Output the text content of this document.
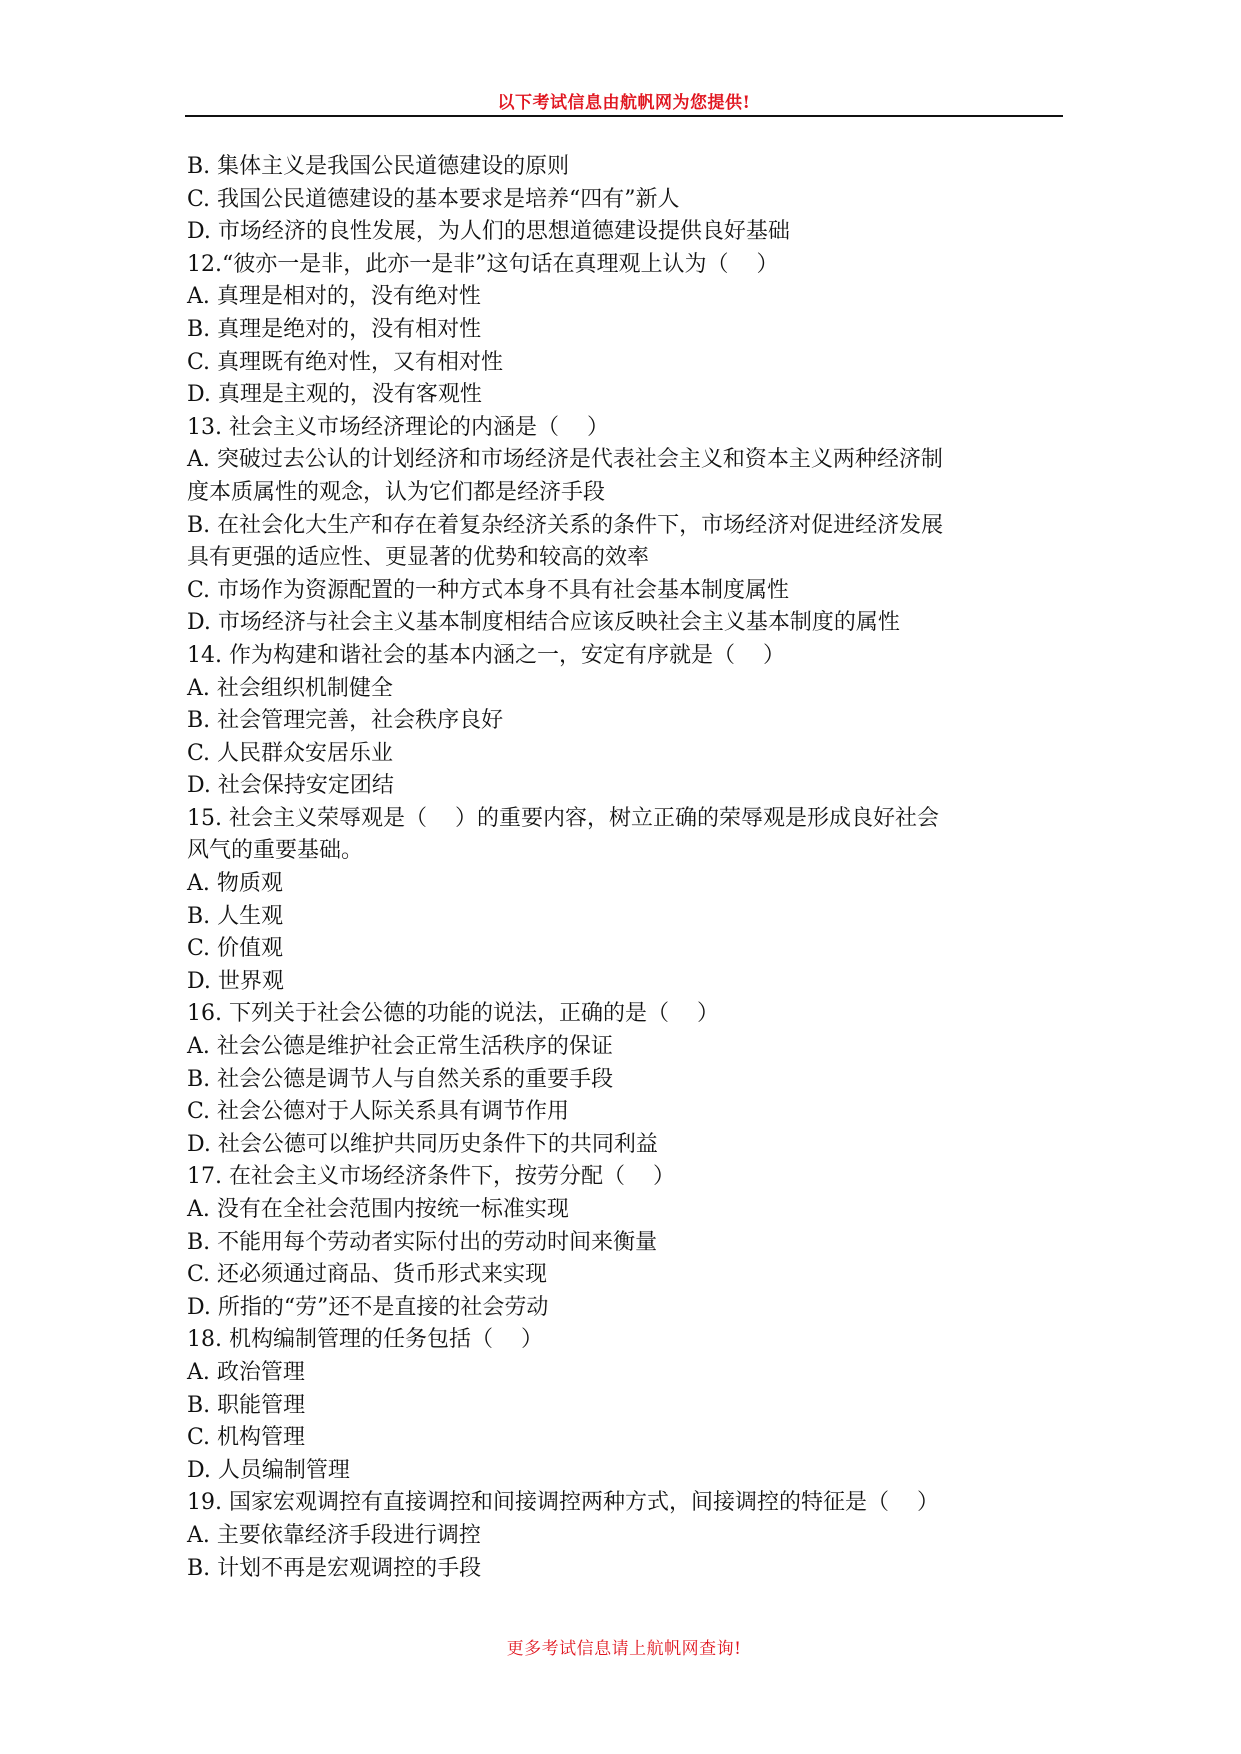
以下考试信息由航帆网为您提供!
B. 集体主义是我国公民道德建设的原则
C. 我国公民道德建设的基本要求是培养“四有”新人
D. 市场经济的良性发展，为人们的思想道德建设提供良好基础
12.“彼亦一是非，此亦一是非”这句话在真理观上认为（    ）
A. 真理是相对的，没有绝对性
B. 真理是绝对的，没有相对性
C. 真理既有绝对性，又有相对性
D. 真理是主观的，没有客观性
13. 社会主义市场经济理论的内涵是（    ）
A. 突破过去公认的计划经济和市场经济是代表社会主义和资本主义两种经济制
度本质属性的观念，认为它们都是经济手段
B. 在社会化大生产和存在着复杂经济关系的条件下，市场经济对促进经济发展
具有更强的适应性、更显著的优势和较高的效率
C. 市场作为资源配置的一种方式本身不具有社会基本制度属性
D. 市场经济与社会主义基本制度相结合应该反映社会主义基本制度的属性
14. 作为构建和谐社会的基本内涵之一，安定有序就是（    ）
A. 社会组织机制健全
B. 社会管理完善，社会秩序良好
C. 人民群众安居乐业
D. 社会保持安定团结
15. 社会主义荣辱观是（    ）的重要内容，树立正确的荣辱观是形成良好社会
风气的重要基础。
A. 物质观
B. 人生观
C. 价值观
D. 世界观
16. 下列关于社会公德的功能的说法，正确的是（    ）
A. 社会公德是维护社会正常生活秩序的保证
B. 社会公德是调节人与自然关系的重要手段
C. 社会公德对于人际关系具有调节作用
D. 社会公德可以维护共同历史条件下的共同利益
17. 在社会主义市场经济条件下，按劳分配（    ）
A. 没有在全社会范围内按统一标准实现
B. 不能用每个劳动者实际付出的劳动时间来衡量
C. 还必须通过商品、货币形式来实现
D. 所指的“劳”还不是直接的社会劳动
18. 机构编制管理的任务包括（    ）
A. 政治管理
B. 职能管理
C. 机构管理
D. 人员编制管理
19. 国家宏观调控有直接调控和间接调控两种方式，间接调控的特征是（    ）
A. 主要依靠经济手段进行调控
B. 计划不再是宏观调控的手段
更多考试信息请上航帆网查询!
